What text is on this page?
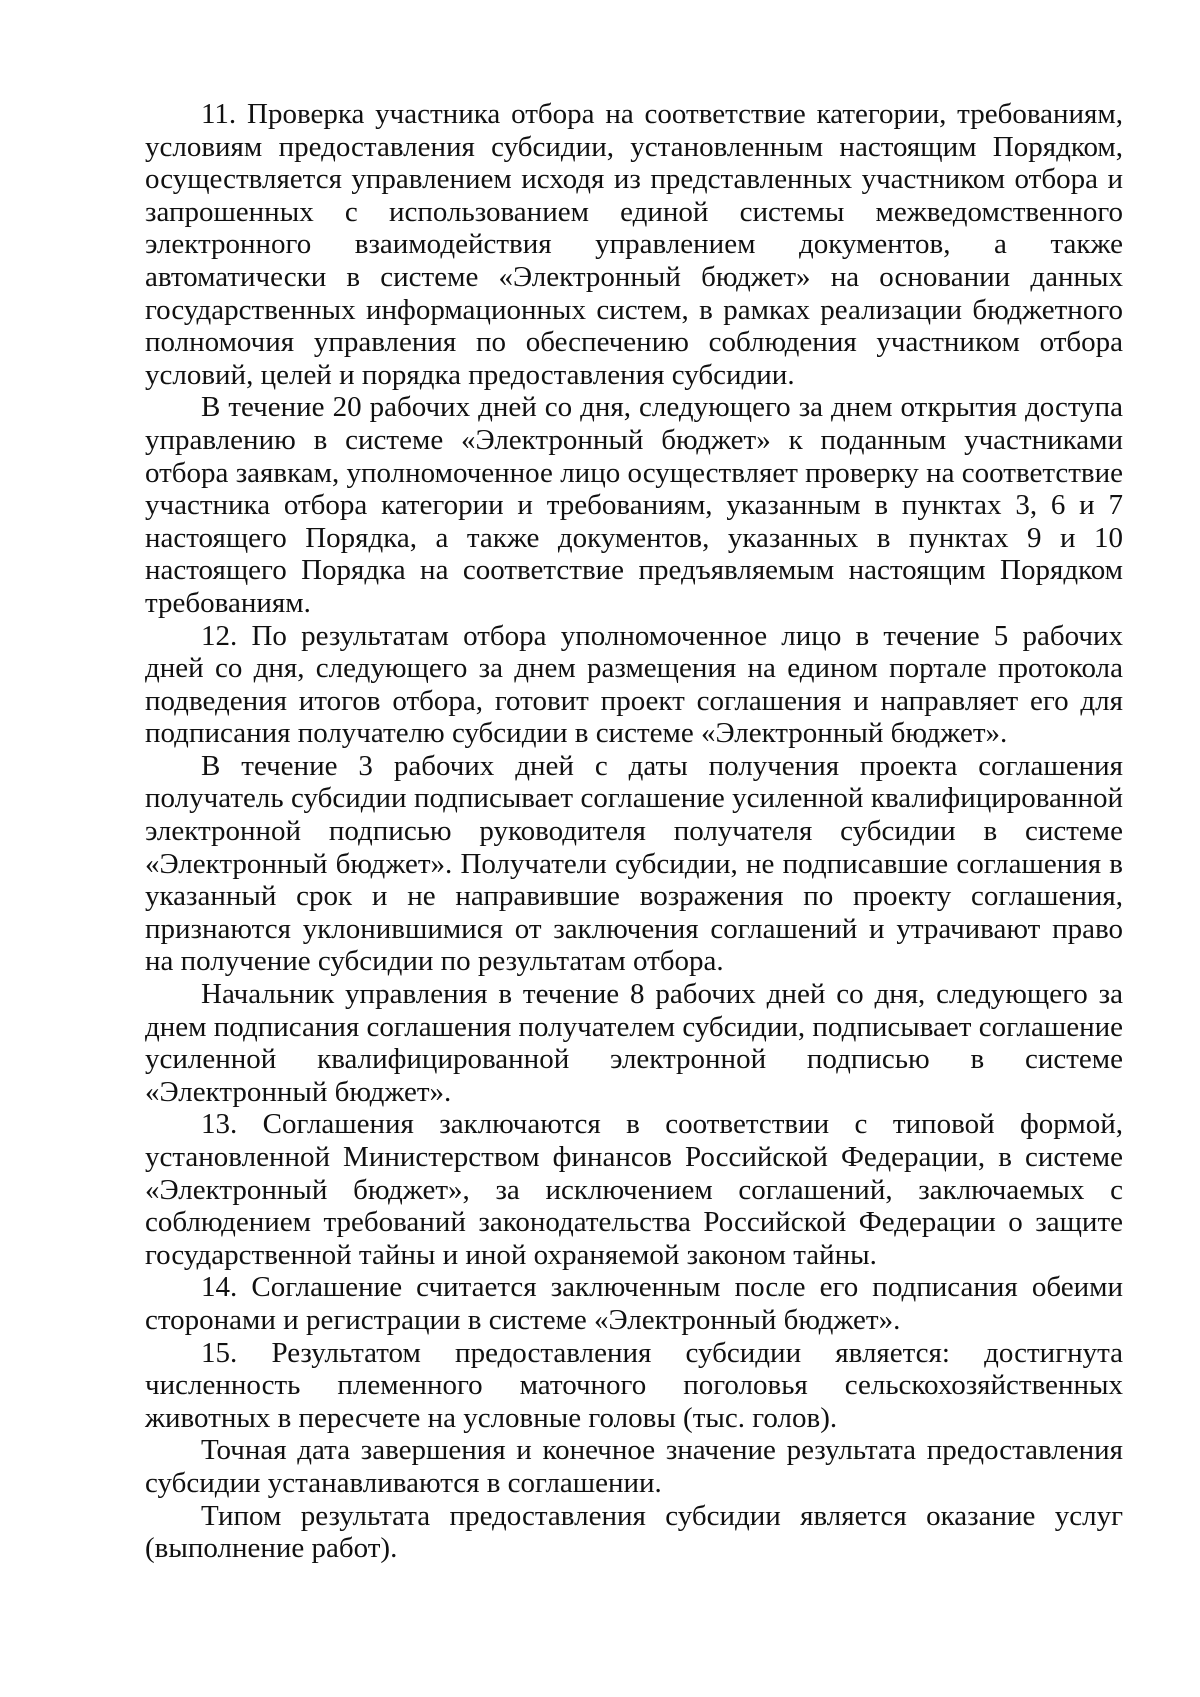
11. Проверка участника отбора на соответствие категории, требованиям, условиям предоставления субсидии, установленным настоящим Порядком, осуществляется управлением исходя из представленных участником отбора и запрошенных с использованием единой системы межведомственного электронного взаимодействия управлением документов, а также автоматически в системе «Электронный бюджет» на основании данных государственных информационных систем, в рамках реализации бюджетного полномочия управления по обеспечению соблюдения участником отбора условий, целей и порядка предоставления субсидии.

В течение 20 рабочих дней со дня, следующего за днем открытия доступа управлению в системе «Электронный бюджет» к поданным участниками отбора заявкам, уполномоченное лицо осуществляет проверку на соответствие участника отбора категории и требованиям, указанным в пунктах 3, 6 и 7 настоящего Порядка, а также документов, указанных в пунктах 9 и 10 настоящего Порядка на соответствие предъявляемым настоящим Порядком требованиям.

12. По результатам отбора уполномоченное лицо в течение 5 рабочих дней со дня, следующего за днем размещения на едином портале протокола подведения итогов отбора, готовит проект соглашения и направляет его для подписания получателю субсидии в системе «Электронный бюджет».

В течение 3 рабочих дней с даты получения проекта соглашения получатель субсидии подписывает соглашение усиленной квалифицированной электронной подписью руководителя получателя субсидии в системе «Электронный бюджет». Получатели субсидии, не подписавшие соглашения в указанный срок и не направившие возражения по проекту соглашения, признаются уклонившимися от заключения соглашений и утрачивают право на получение субсидии по результатам отбора.

Начальник управления в течение 8 рабочих дней со дня, следующего за днем подписания соглашения получателем субсидии, подписывает соглашение усиленной квалифицированной электронной подписью в системе «Электронный бюджет».

13. Соглашения заключаются в соответствии с типовой формой, установленной Министерством финансов Российской Федерации, в системе «Электронный бюджет», за исключением соглашений, заключаемых с соблюдением требований законодательства Российской Федерации о защите государственной тайны и иной охраняемой законом тайны.

14. Соглашение считается заключенным после его подписания обеими сторонами и регистрации в системе «Электронный бюджет».

15. Результатом предоставления субсидии является: достигнута численность племенного маточного поголовья сельскохозяйственных животных в пересчете на условные головы (тыс. голов).

Точная дата завершения и конечное значение результата предоставления субсидии устанавливаются в соглашении.

Типом результата предоставления субсидии является оказание услуг (выполнение работ).
